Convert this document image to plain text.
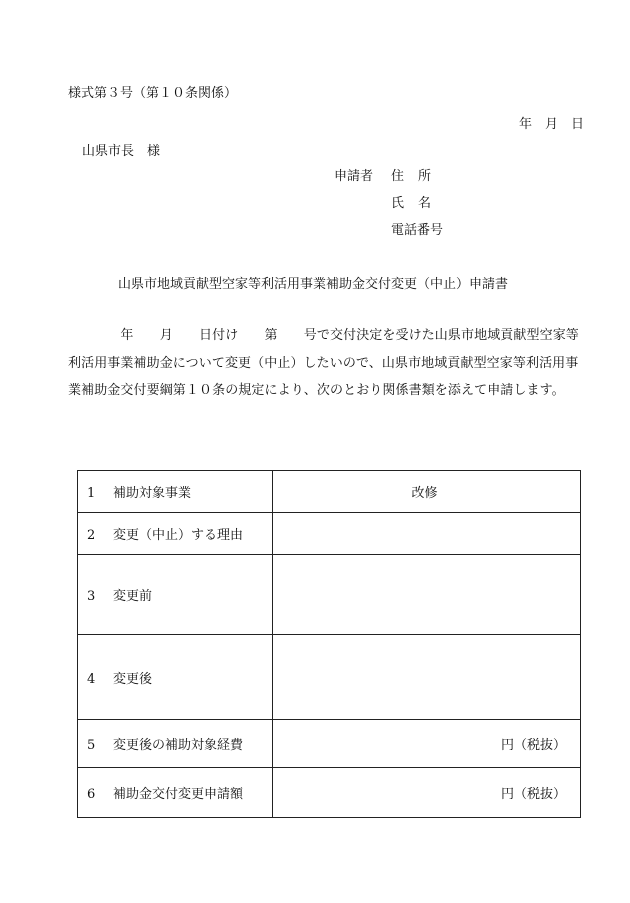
様式第３号（第１０条関係）
年　月　日
山県市長　様
申請者 住所
氏名
電話番号
山県市地域貢献型空家等利活用事業補助金交付変更（中止）申請書
　　　　年　　月　　日付け　　第　　号で交付決定を受けた山県市地域貢献型空家等利活用事業補助金について変更（中止）したいので、山県市地域貢献型空家等利活用事業補助金交付要綱第１０条の規定により、次のとおり関係書類を添えて申請します。
1 補助対象事業	改修
2 変更（中止）する理由	
3 変更前	
4 変更後	
5 変更後の補助対象経費	円（税抜）
6 補助金交付変更申請額	円（税抜）
